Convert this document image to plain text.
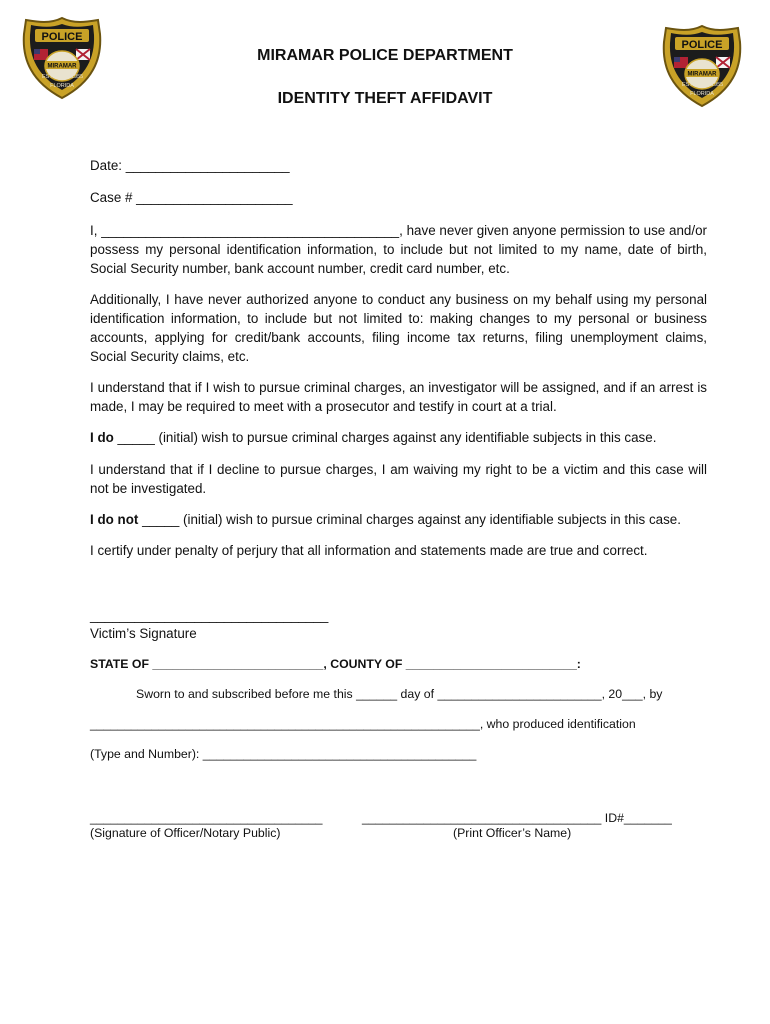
POLICE
MIRAMAR
EST	1955
FLORIDA
POLICE
MIRAMAR
EST	1955
FLORIDA
MIRAMAR POLICE DEPARTMENT
IDENTITY THEFT AFFIDAVIT

Date: ______________________

Case # _____________________

I, ________________________________________, have never given anyone permission to use and/or possess my personal identification information, to include but not limited to my name, date of birth, Social Security number, bank account number, credit card number, etc.

Additionally, I have never authorized anyone to conduct any business on my behalf using my personal identification information, to include but not limited to: making changes to my personal or business accounts, applying for credit/bank accounts, filing income tax returns, filing unemployment claims, Social Security claims, etc.

I understand that if I wish to pursue criminal charges, an investigator will be assigned, and if an arrest is made, I may be required to meet with a prosecutor and testify in court at a trial.

I do _____ (initial) wish to pursue criminal charges against any identifiable subjects in this case.

I understand that if I decline to pursue charges, I am waiving my right to be a victim and this case will not be investigated.

I do not _____ (initial) wish to pursue criminal charges against any identifiable subjects in this case.

I certify under penalty of perjury that all information and statements made are true and correct.

________________________________

Victim’s Signature

STATE OF _________________________, COUNTY OF _________________________:

Sworn to and subscribed before me this ______ day of ________________________, 20___, by

_________________________________________________________, who produced identification

(Type and Number): ________________________________________

__________________________________

(Signature of Officer/Notary Public)

___________________________________ ID#_______

(Print Officer’s Name)
